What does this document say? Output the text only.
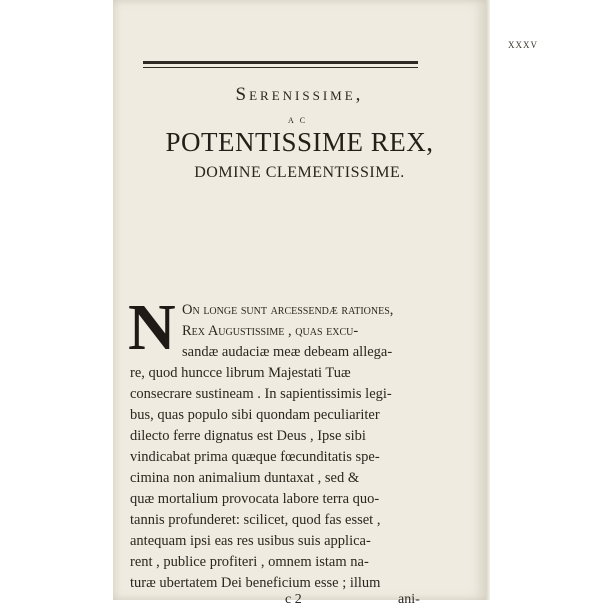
xxxv
Serenissime,
ac
POTENTISSIME REX,
DOMINE CLEMENTISSIME.
N On longe sunt arcessendæ rationes,
Rex Augustissime , quas excu-
sandæ audaciæ meæ debeam allega-
re, quod huncce librum Majestati Tuæ
consecrare sustineam . In sapientissimis legi-
bus, quas populo sibi quondam peculiariter
dilecto ferre dignatus est Deus , Ipse sibi
vindicabat prima quæque fœcunditatis spe-
cimina non animalium duntaxat , sed &
quæ mortalium provocata labore terra quo-
tannis profunderet: scilicet, quod fas esset ,
antequam ipsi eas res usibus suis applica-
rent , publice profiteri , omnem istam na-
turæ ubertatem Dei beneficium esse ; illum
c 2	ani-
